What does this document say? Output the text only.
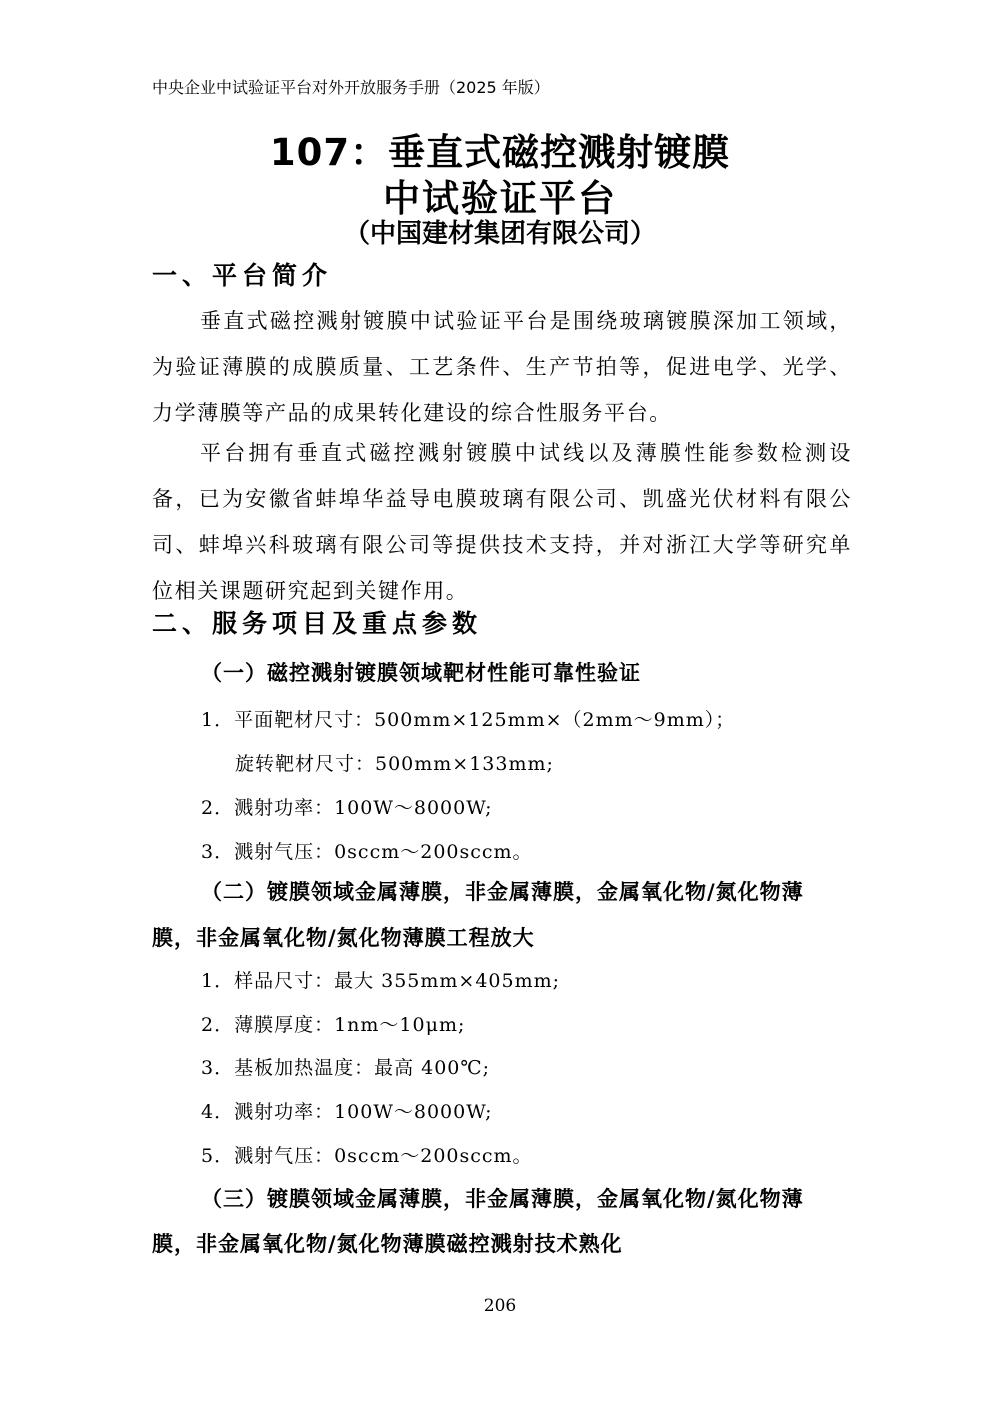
中央企业中试验证平台对外开放服务手册（2025 年版）
107：垂直式磁控溅射镀膜
中试验证平台
（中国建材集团有限公司）
一、平台简介

垂直式磁控溅射镀膜中试验证平台是围绕玻璃镀膜深加工领域，为验证薄膜的成膜质量、工艺条件、生产节拍等，促进电学、光学、力学薄膜等产品的成果转化建设的综合性服务平台。

平台拥有垂直式磁控溅射镀膜中试线以及薄膜性能参数检测设备，已为安徽省蚌埠华益导电膜玻璃有限公司、凯盛光伏材料有限公司、蚌埠兴科玻璃有限公司等提供技术支持，并对浙江大学等研究单位相关课题研究起到关键作用。

二、服务项目及重点参数
（一）磁控溅射镀膜领域靶材性能可靠性验证
1．平面靶材尺寸：500mm×125mm×（2mm～9mm）；
旋转靶材尺寸：500mm×133mm;
2．溅射功率：100W～8000W;
3．溅射气压：0sccm～200sccm。
（二）镀膜领域金属薄膜，非金属薄膜，金属氧化物/氮化物薄
膜，非金属氧化物/氮化物薄膜工程放大
1．样品尺寸：最大 355mm×405mm;
2．薄膜厚度：1nm～10μm;
3．基板加热温度：最高 400℃;
4．溅射功率：100W～8000W;
5．溅射气压：0sccm～200sccm。
（三）镀膜领域金属薄膜，非金属薄膜，金属氧化物/氮化物薄
膜，非金属氧化物/氮化物薄膜磁控溅射技术熟化
206
